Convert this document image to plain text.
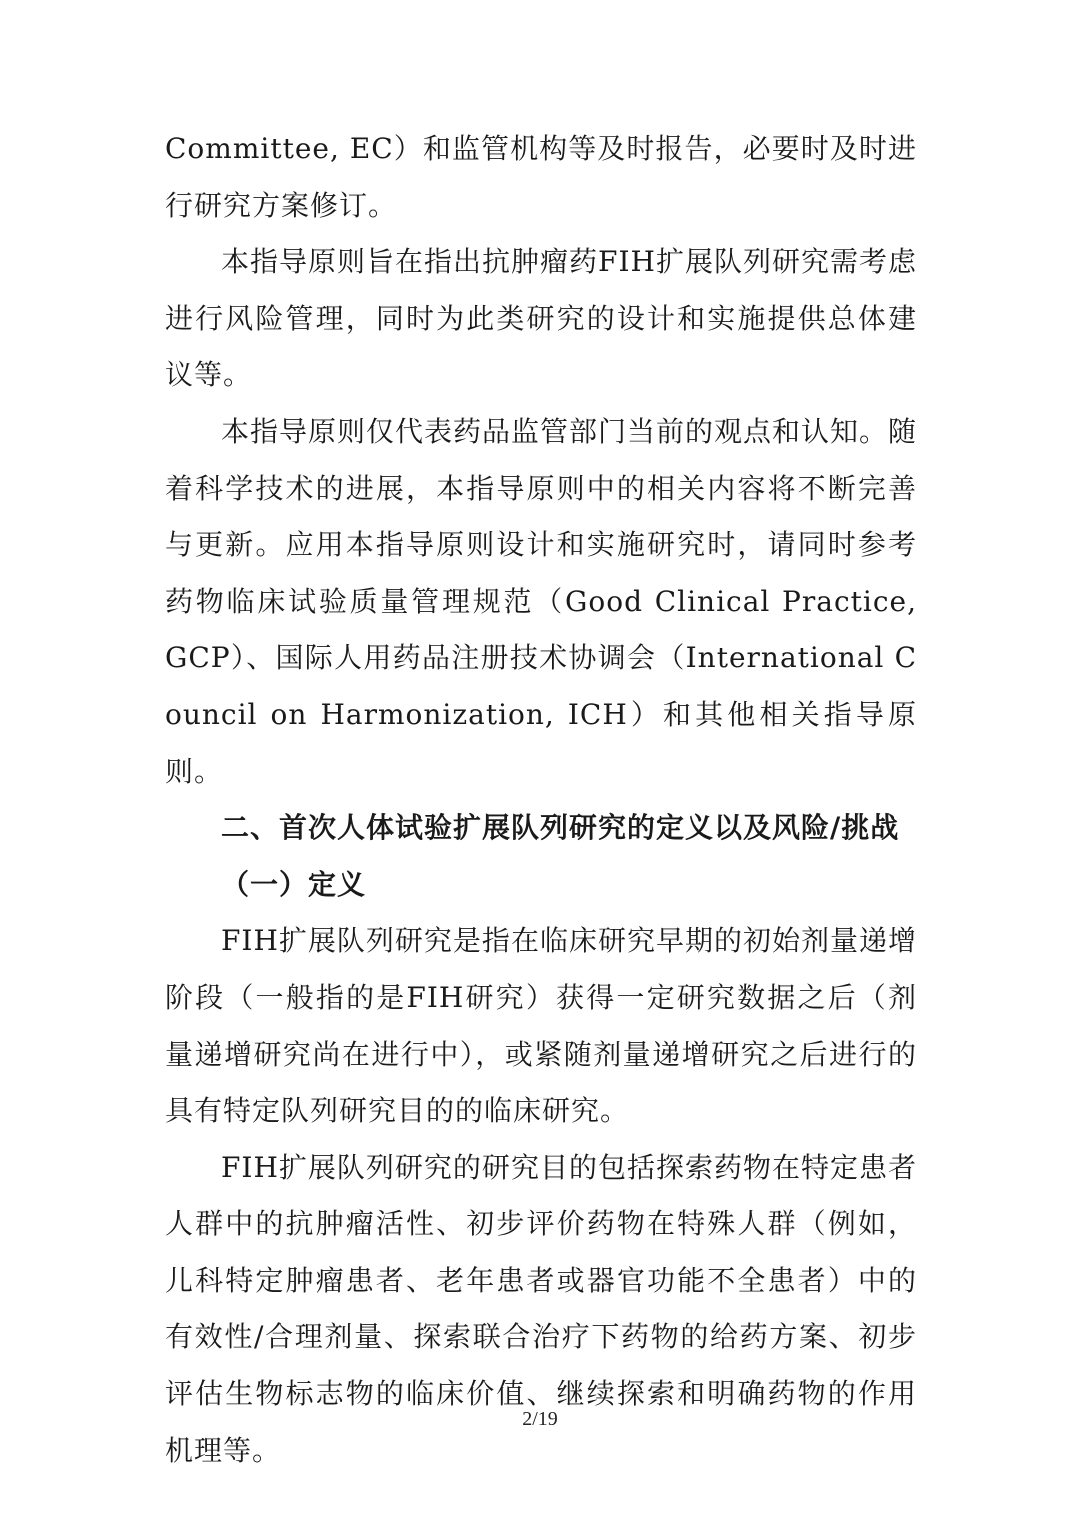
Committee, EC）和监管机构等及时报告，必要时及时进行研究方案修订。

本指导原则旨在指出抗肿瘤药FIH扩展队列研究需考虑进行风险管理，同时为此类研究的设计和实施提供总体建议等。

本指导原则仅代表药品监管部门当前的观点和认知。随着科学技术的进展，本指导原则中的相关内容将不断完善与更新。应用本指导原则设计和实施研究时，请同时参考药物临床试验质量管理规范（Good Clinical Practice, GCP）、国际人用药品注册技术协调会（International Council on Harmonization, ICH）和其他相关指导原则。

二、首次人体试验扩展队列研究的定义以及风险/挑战

（一）定义

FIH扩展队列研究是指在临床研究早期的初始剂量递增阶段（一般指的是FIH研究）获得一定研究数据之后（剂量递增研究尚在进行中），或紧随剂量递增研究之后进行的具有特定队列研究目的的临床研究。

FIH扩展队列研究的研究目的包括探索药物在特定患者人群中的抗肿瘤活性、初步评价药物在特殊人群（例如，儿科特定肿瘤患者、老年患者或器官功能不全患者）中的有效性/合理剂量、探索联合治疗下药物的给药方案、初步评估生物标志物的临床价值、继续探索和明确药物的作用机理等。

2/19
